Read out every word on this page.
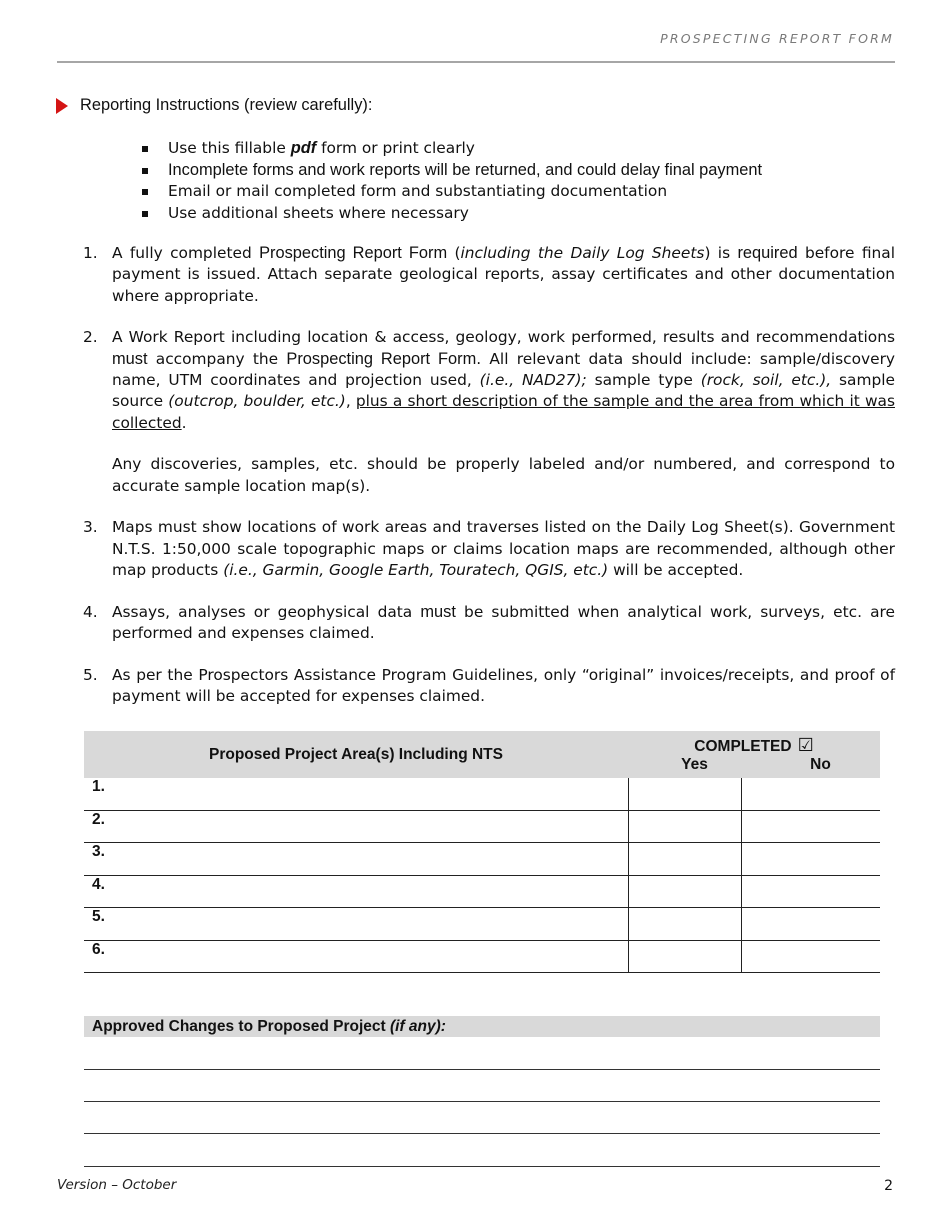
PROSPECTING REPORT FORM
Reporting Instructions (review carefully):
Use this fillable pdf form or print clearly
Incomplete forms and work reports will be returned, and could delay final payment
Email or mail completed form and substantiating documentation
Use additional sheets where necessary
1. A fully completed Prospecting Report Form (including the Daily Log Sheets) is required before final payment is issued. Attach separate geological reports, assay certificates and other documentation where appropriate.

2. A Work Report including location & access, geology, work performed, results and recommendations must accompany the Prospecting Report Form. All relevant data should include: sample/discovery name, UTM coordinates and projection used, (i.e., NAD27); sample type (rock, soil, etc.), sample source (outcrop, boulder, etc.), plus a short description of the sample and the area from which it was collected.

Any discoveries, samples, etc. should be properly labeled and/or numbered, and correspond to accurate sample location map(s).

3. Maps must show locations of work areas and traverses listed on the Daily Log Sheet(s). Government N.T.S. 1:50,000 scale topographic maps or claims location maps are recommended, although other map products (i.e., Garmin, Google Earth, Touratech, QGIS, etc.) will be accepted.

4. Assays, analyses or geophysical data must be submitted when analytical work, surveys, etc. are performed and expenses claimed.

5. As per the Prospectors Assistance Program Guidelines, only “original” invoices/receipts, and proof of payment will be accepted for expenses claimed.

Proposed Project Area(s) Including NTS	COMPLETED ☑
Yes No	

1.		
2.		
3.		
4.		
5.		
6.		
Approved Changes to Proposed Project (if any):
Version – October	2
